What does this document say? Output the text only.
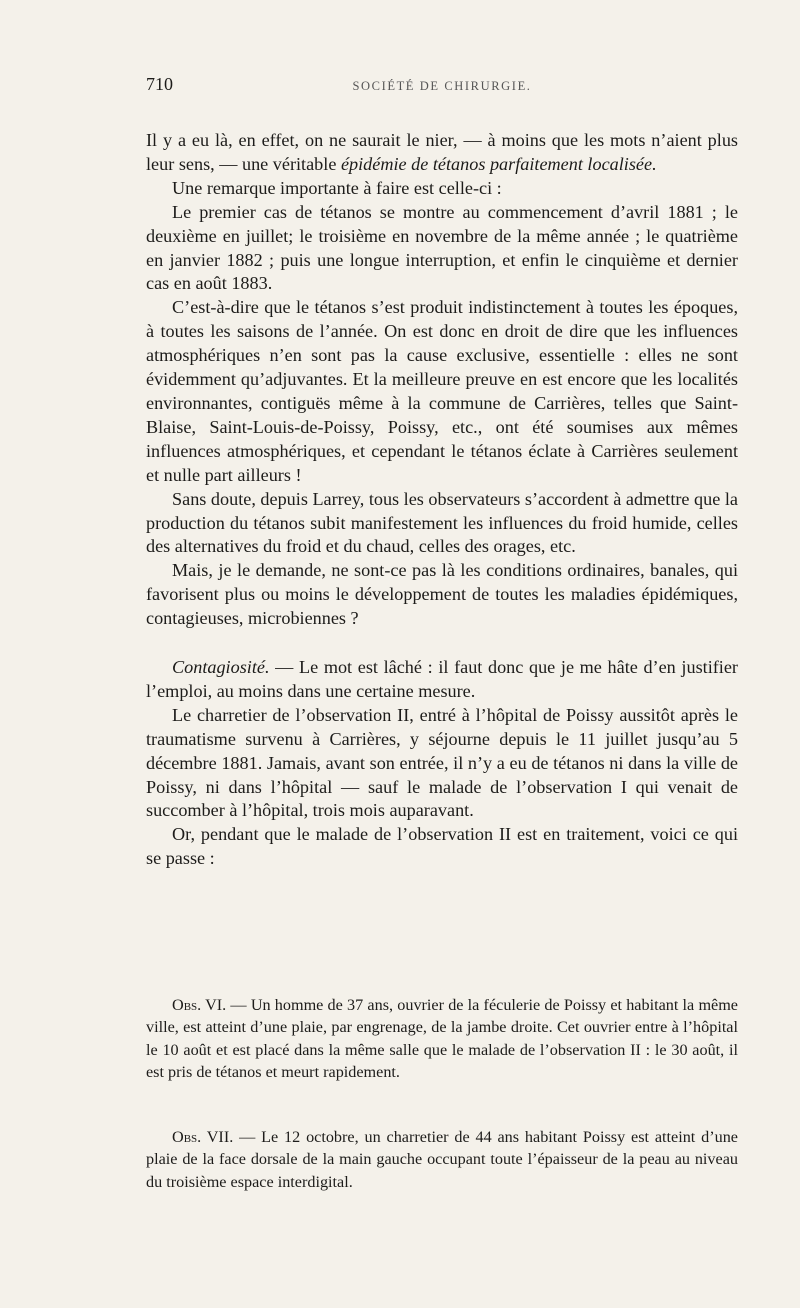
710	SOCIÉTÉ DE CHIRURGIE.

Il y a eu là, en effet, on ne saurait le nier, — à moins que les mots n’aient plus leur sens, — une véritable épidémie de tétanos parfaitement localisée.

Une remarque importante à faire est celle-ci :

Le premier cas de tétanos se montre au commencement d’avril 1881 ; le deuxième en juillet; le troisième en novembre de la même année ; le quatrième en janvier 1882 ; puis une longue interruption, et enfin le cinquième et dernier cas en août 1883.

C’est-à-dire que le tétanos s’est produit indistinctement à toutes les époques, à toutes les saisons de l’année. On est donc en droit de dire que les influences atmosphériques n’en sont pas la cause exclusive, essentielle : elles ne sont évidemment qu’adjuvantes. Et la meilleure preuve en est encore que les localités environnantes, contiguës même à la commune de Carrières, telles que Saint-Blaise, Saint-Louis-de-Poissy, Poissy, etc., ont été soumises aux mêmes influences atmosphériques, et cependant le tétanos éclate à Carrières seulement et nulle part ailleurs !

Sans doute, depuis Larrey, tous les observateurs s’accordent à admettre que la production du tétanos subit manifestement les influences du froid humide, celles des alternatives du froid et du chaud, celles des orages, etc.

Mais, je le demande, ne sont-ce pas là les conditions ordinaires, banales, qui favorisent plus ou moins le développement de toutes les maladies épidémiques, contagieuses, microbiennes ?

Contagiosité. — Le mot est lâché : il faut donc que je me hâte d’en justifier l’emploi, au moins dans une certaine mesure.

Le charretier de l’observation II, entré à l’hôpital de Poissy aussitôt après le traumatisme survenu à Carrières, y séjourne depuis le 11 juillet jusqu’au 5 décembre 1881. Jamais, avant son entrée, il n’y a eu de tétanos ni dans la ville de Poissy, ni dans l’hôpital — sauf le malade de l’observation I qui venait de succomber à l’hôpital, trois mois auparavant.

Or, pendant que le malade de l’observation II est en traitement, voici ce qui se passe :

Obs. VI. — Un homme de 37 ans, ouvrier de la féculerie de Poissy et habitant la même ville, est atteint d’une plaie, par engrenage, de la jambe droite. Cet ouvrier entre à l’hôpital le 10 août et est placé dans la même salle que le malade de l’observation II : le 30 août, il est pris de tétanos et meurt rapidement.

Obs. VII. — Le 12 octobre, un charretier de 44 ans habitant Poissy est atteint d’une plaie de la face dorsale de la main gauche occupant toute l’épaisseur de la peau au niveau du troisième espace interdigital.
